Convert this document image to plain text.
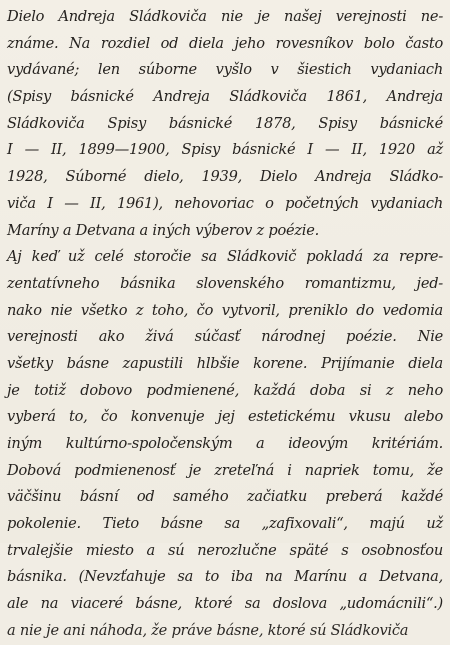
Dielo Andreja Sládkoviča nie je našej verejnosti ne-
známe. Na rozdiel od diela jeho rovesníkov bolo často
vydávané; len súborne vyšlo v šiestich vydaniach
(Spisy básnické Andreja Sládkoviča 1861, Andreja
Sládkoviča Spisy básnické 1878, Spisy básnické
I — II, 1899—1900, Spisy básnické I — II, 1920 až
1928, Súborné dielo, 1939, Dielo Andreja Sládko-
viča I — II, 1961), nehovoriac o početných vydaniach
Maríny a Detvana a iných výberov z poézie.
Aj keď už celé storočie sa Sládkovič pokladá za repre-
zentatívneho básnika slovenského romantizmu, jed-
nako nie všetko z toho, čo vytvoril, preniklo do vedomia
verejnosti ako živá súčasť národnej poézie. Nie
všetky básne zapustili hlbšie korene. Prijímanie diela
je totiž dobovo podmienené, každá doba si z neho
vyberá to, čo konvenuje jej estetickému vkusu alebo
iným kultúrno-spoločenským a ideovým kritériám.
Dobová podmienenosť je zreteľná i napriek tomu, že
väčšinu básní od samého začiatku preberá každé
pokolenie. Tieto básne sa „zafixovali“, majú už
trvalejšie miesto a sú nerozlučne späté s osobnosťou
básnika. (Nevzťahuje sa to iba na Marínu a Detvana,
ale na viaceré básne, ktoré sa doslova „udomácnili“.)
a nie je ani náhoda, že práve básne, ktoré sú Sládkoviča
